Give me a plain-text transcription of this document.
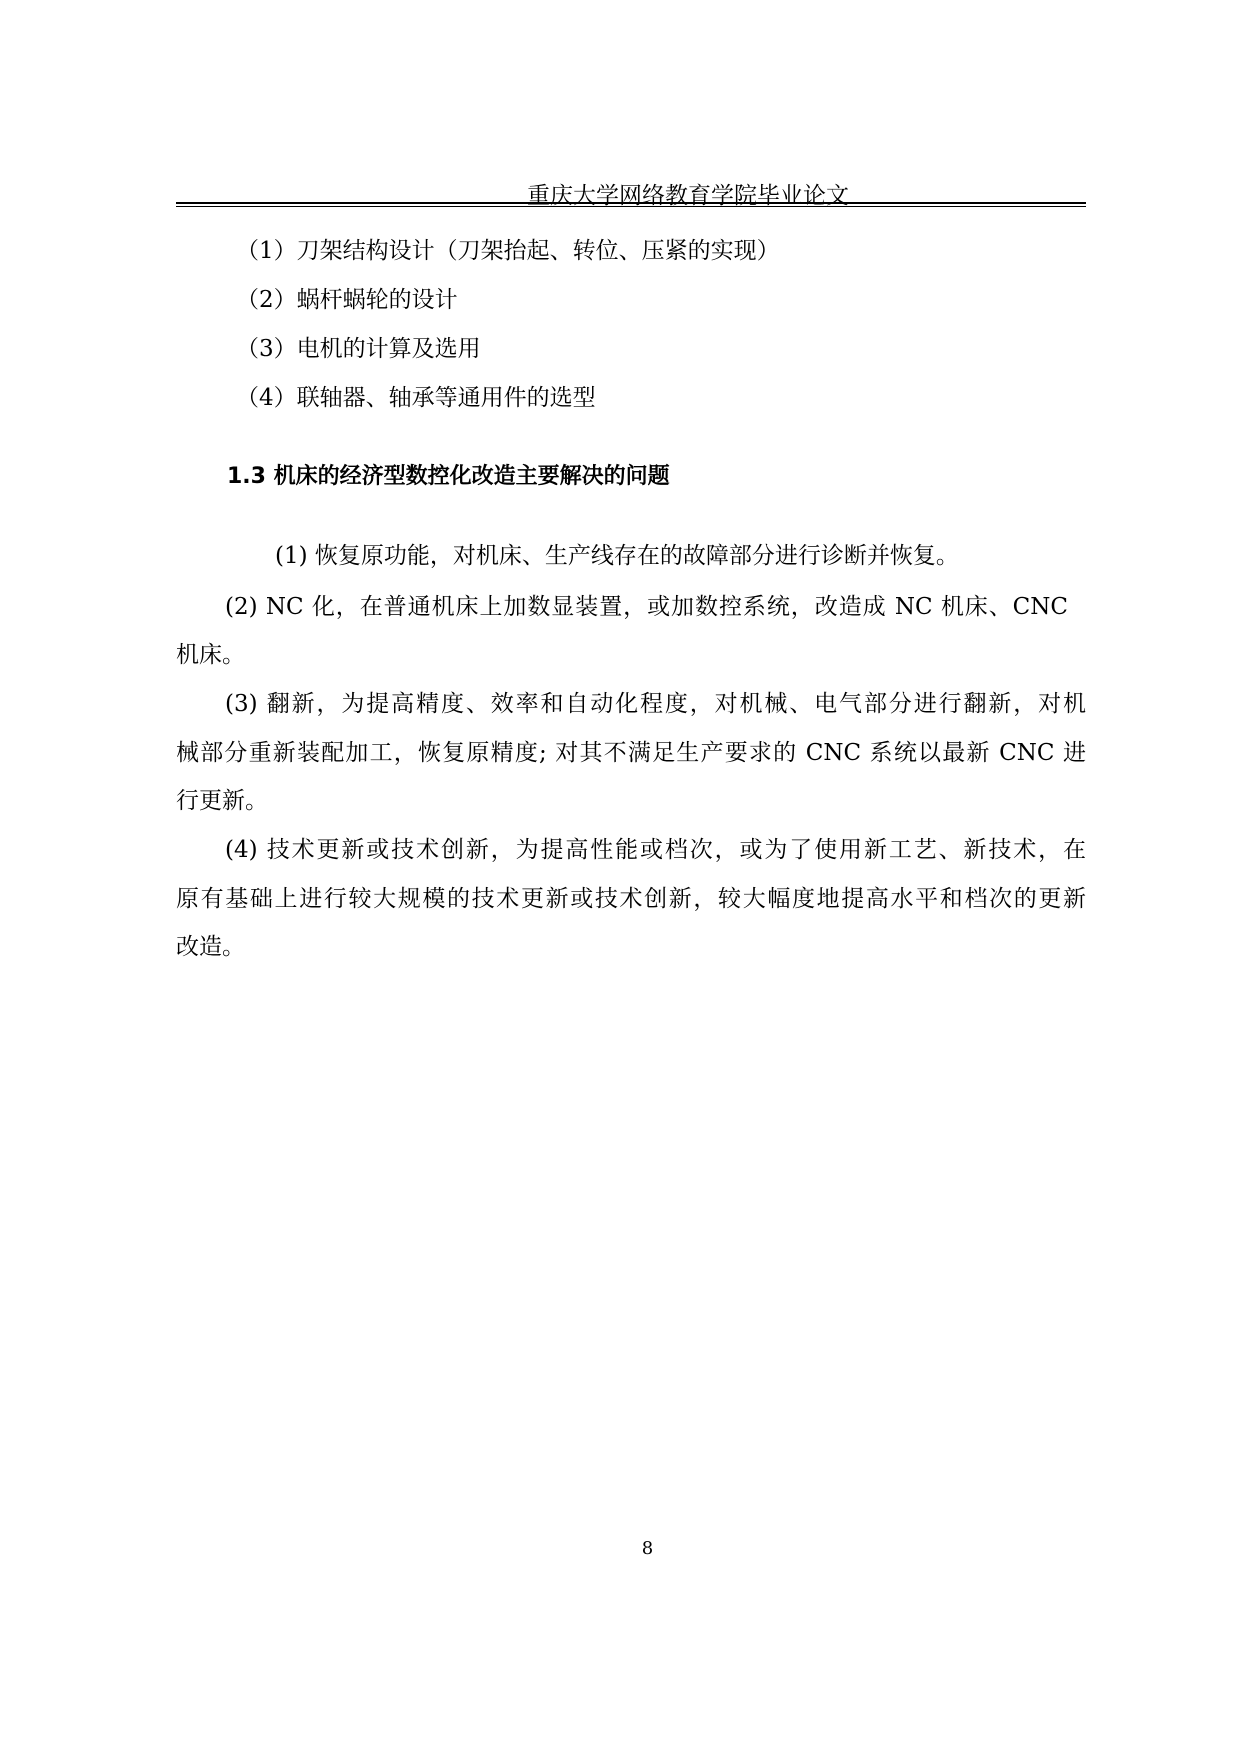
重庆大学网络教育学院毕业论文
（1）刀架结构设计（刀架抬起、转位、压紧的实现）
（2）蜗杆蜗轮的设计
（3）电机的计算及选用
（4）联轴器、轴承等通用件的选型
1.3 机床的经济型数控化改造主要解决的问题
(1) 恢复原功能，对机床、生产线存在的故障部分进行诊断并恢复。
(2) NC 化，在普通机床上加数显装置，或加数控系统，改造成 NC 机床、CNC
机床。
(3) 翻新，为提高精度、效率和自动化程度，对机械、电气部分进行翻新，对机
械部分重新装配加工，恢复原精度; 对其不满足生产要求的 CNC 系统以最新 CNC 进
行更新。
(4) 技术更新或技术创新，为提高性能或档次，或为了使用新工艺、新技术，在
原有基础上进行较大规模的技术更新或技术创新，较大幅度地提高水平和档次的更新
改造。
8
